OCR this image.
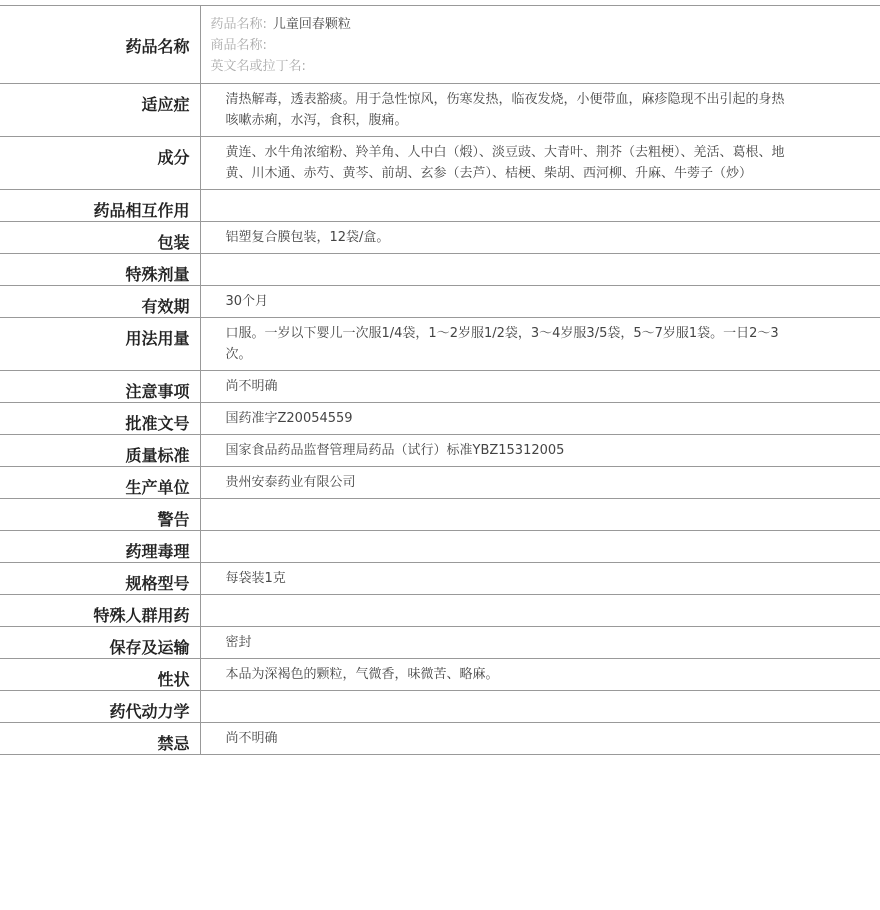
药品名称	药品名称: 儿童回春颗粒
商品名称:
英文名或拉丁名:

适应症	清热解毒，透表豁痰。用于急性惊风，伤寒发热，临夜发烧，小便带血，麻疹隐现不出引起的身热咳嗽赤痢，水泻，食积，腹痛。

成分	黄连、水牛角浓缩粉、羚羊角、人中白（煅）、淡豆豉、大青叶、荆芥（去粗梗）、羌活、葛根、地黄、川木通、赤芍、黄芩、前胡、玄参（去芦）、桔梗、柴胡、西河柳、升麻、牛蒡子（炒）

药品相互作用	

包装	铝塑复合膜包装，12袋/盒。

特殊剂量	

有效期	30个月

用法用量	口服。一岁以下婴儿一次服1/4袋，1～2岁服1/2袋，3～4岁服3/5袋，5～7岁服1袋。一日2～3次。

注意事项	尚不明确

批准文号	国药准字Z20054559

质量标准	国家食品药品监督管理局药品（试行）标准YBZ15312005

生产单位	贵州安泰药业有限公司

警告	

药理毒理	

规格型号	每袋装1克

特殊人群用药	

保存及运输	密封

性状	本品为深褐色的颗粒，气微香，味微苦、略麻。

药代动力学	

禁忌	尚不明确
